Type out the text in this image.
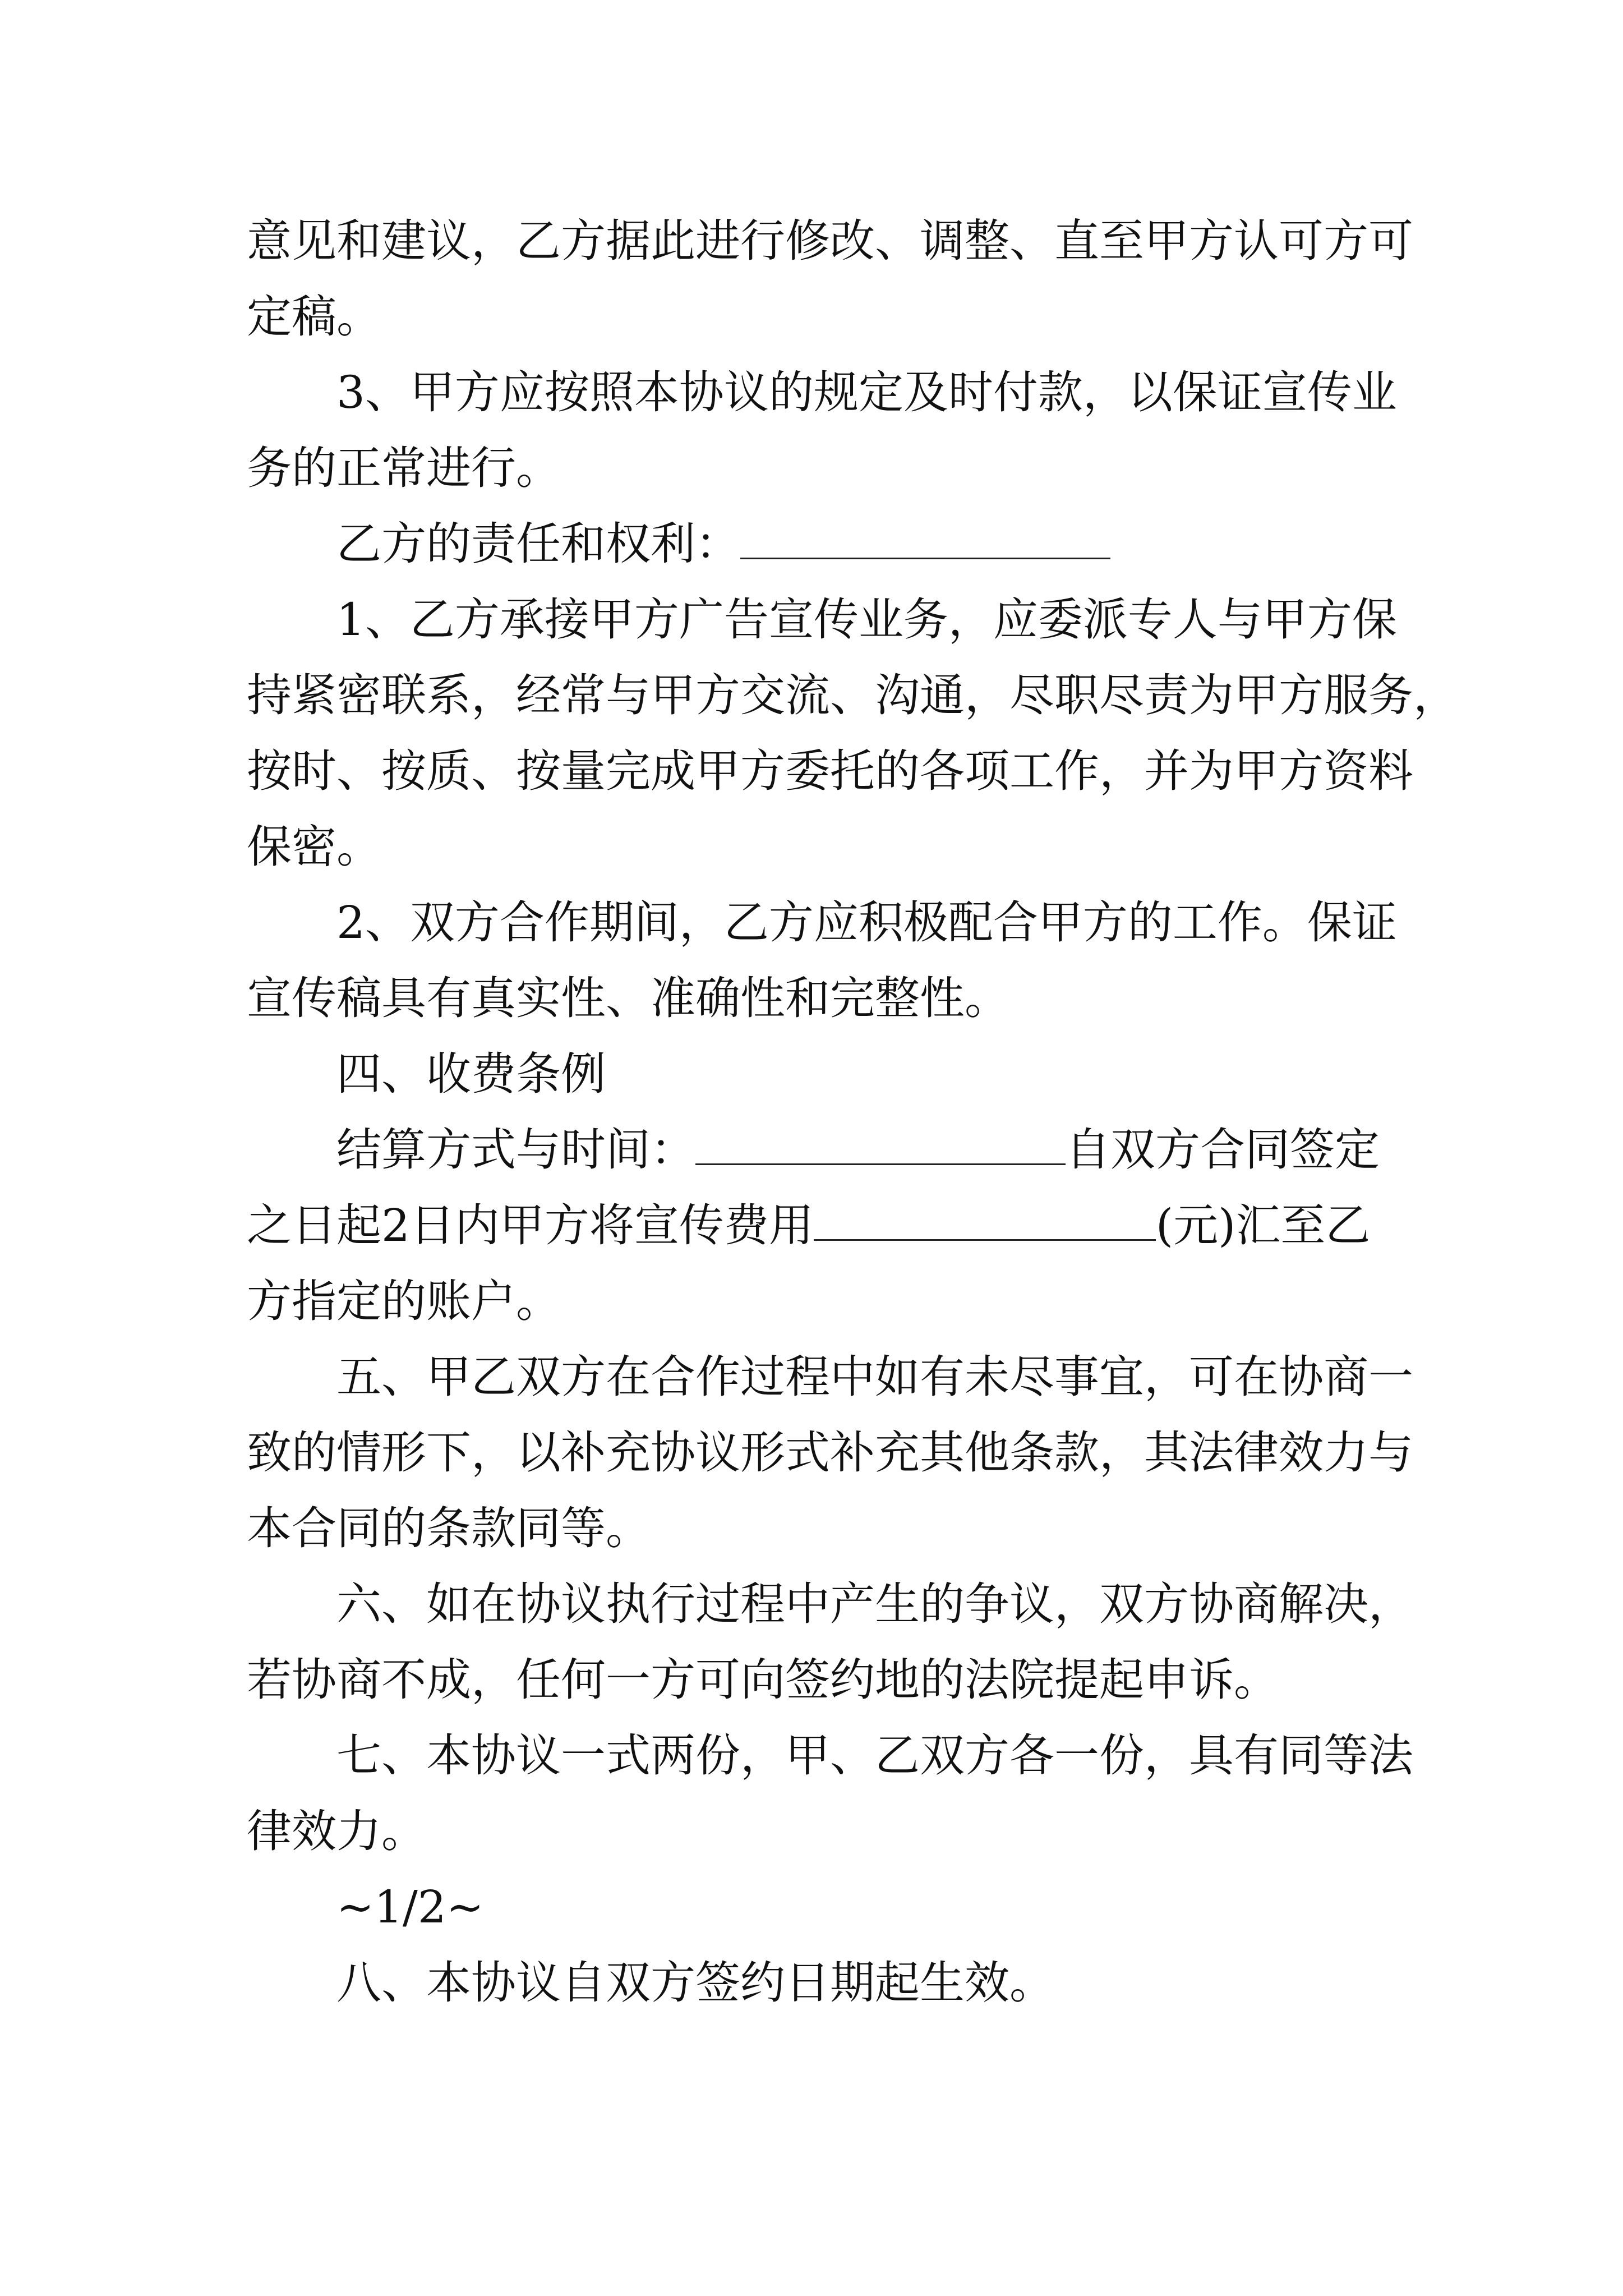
意见和建议，乙方据此进行修改、调整、直至甲方认可方可
定稿。
3、甲方应按照本协议的规定及时付款，以保证宣传业
务的正常进行。
乙方的责任和权利：
1、乙方承接甲方广告宣传业务，应委派专人与甲方保
持紧密联系，经常与甲方交流、沟通，尽职尽责为甲方服务，
按时、按质、按量完成甲方委托的各项工作，并为甲方资料
保密。
2、双方合作期间，乙方应积极配合甲方的工作。保证
宣传稿具有真实性、准确性和完整性。
四、收费条例
结算方式与时间：	自双方合同签定
之日起2日内甲方将宣传费用	(元)汇至乙
方指定的账户。
五、甲乙双方在合作过程中如有未尽事宜，可在协商一
致的情形下，以补充协议形式补充其他条款，其法律效力与
本合同的条款同等。
六、如在协议执行过程中产生的争议，双方协商解决，
若协商不成，任何一方可向签约地的法院提起申诉。
七、本协议一式两份，甲、乙双方各一份，具有同等法
律效力。
~1/2~
八、本协议自双方签约日期起生效。
